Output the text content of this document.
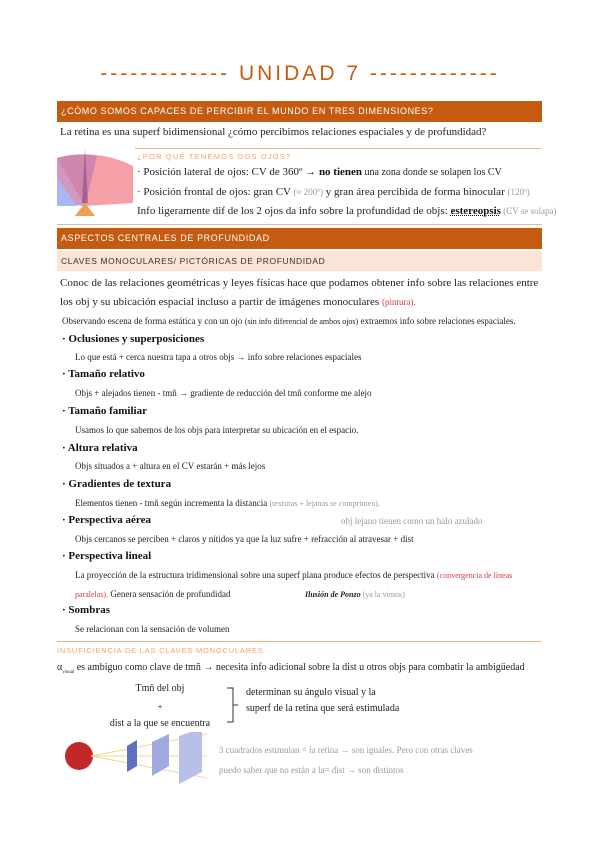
------------- UNIDAD 7 -------------
¿CÓMO SOMOS CAPACES DE PERCIBIR EL MUNDO EN TRES DIMENSIONES?
La retina es una superf bidimensional ¿cómo percibimos relaciones espaciales y de profundidad?
¿POR QUÉ TENEMOS DOS OJOS?
· Posición lateral de ojos: CV de 360º → no tienen una zona donde se solapen los CV
· Posición frontal de ojos: gran CV (≈ 200º) y gran área percibida de forma binocular (120º)
Info ligeramente dif de los 2 ojos da info sobre la profundidad de objs: estereopsis (CV se solapa)
ASPECTOS CENTRALES DE PROFUNDIDAD
CLAVES MONOCULARES/ PICTÓRICAS DE PROFUNDIDAD
Conoc de las relaciones geométricas y leyes físicas hace que podamos obtener info sobre las relaciones entre
los obj y su ubicación espacial incluso a partir de imágenes monoculares (pintura).
Observando escena de forma estática y con un ojo (sin info diferencial de ambos ojos) extraemos info sobre relaciones espaciales.
· Oclusiones y superposiciones
Lo que está + cerca nuestra tapa a otros objs → info sobre relaciones espaciales
· Tamaño relativo
Objs + alejados tienen - tmñ → gradiente de reducción del tmñ conforme me alejo
· Tamaño familiar
Usamos lo que sabemos de los objs para interpretar su ubicación en el espacio.
· Altura relativa
Objs situados a + altura en el CV estarán + más lejos
· Gradientes de textura
Elementos tienen - tmñ según incrementa la distancia (texturas + lejanas se comprimen).
· Perspectiva aérea	obj lejano tienen como un halo azulado
Objs cercanos se perciben + claros y nítidos ya que la luz sufre + refracción al atravesar + dist
· Perspectiva lineal
La proyección de la estructura tridimensional sobre una superf plana produce efectos de perspectiva (convergencia de líneas
paralelas). Genera sensación de profundidad	Ilusión de Ponzo (ya la vimos)
· Sombras
Se relacionan con la sensación de volumen
INSUFICIENCIA DE LAS CLAVES MONOCULARES
$\alpha_{visual}$ es ambiguo como clave de tmñ → necesita info adicional sobre la dist u otros objs para combatir la ambigüedad
Tmñ del obj
+
dist a la que se encuentra
determinan su ángulo visual y la
superf de la retina que será estimulada
3 cuadrados estimulan = la retina → son iguales. Pero con otras claves
puedo saber que no están a la= dist → son distintos
